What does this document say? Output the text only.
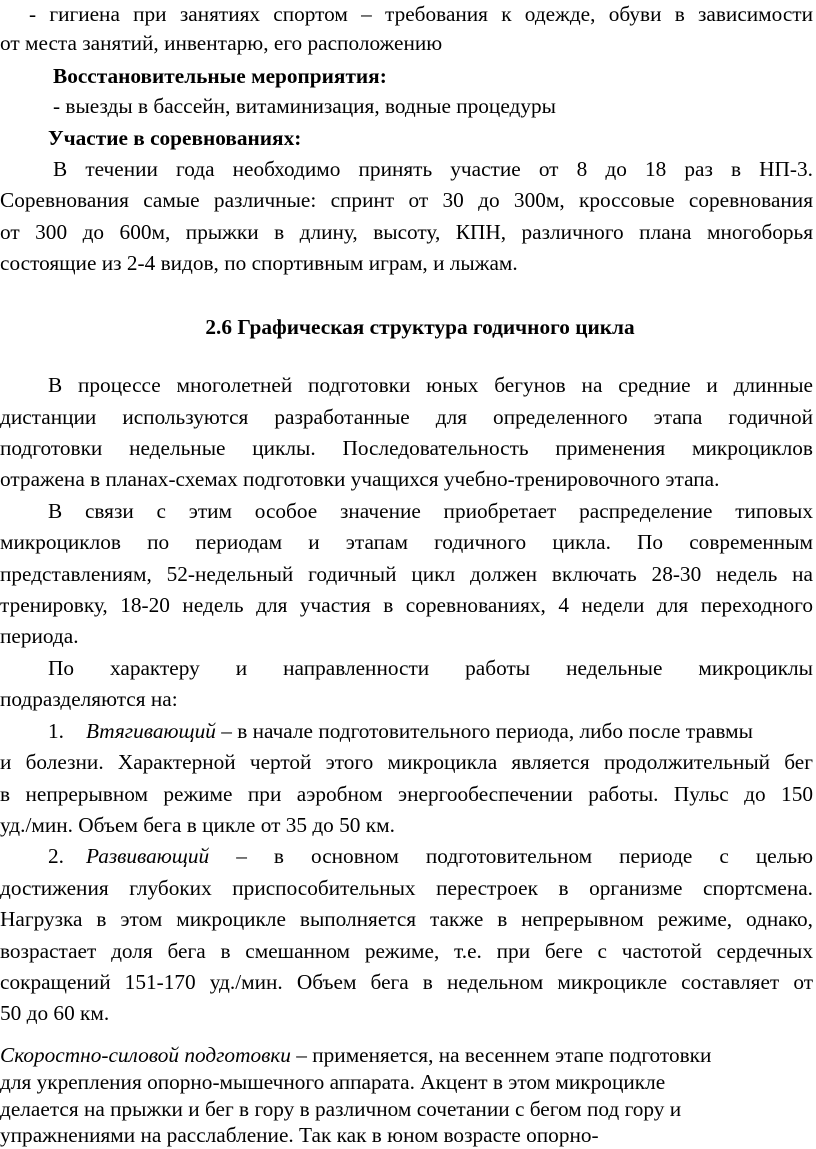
- гигиена при занятиях спортом – требования к одежде, обуви в зависимости
от места занятий, инвентарю, его расположению
Восстановительные мероприятия:
- выезды в бассейн, витаминизация, водные процедуры
Участие в соревнованиях:
В течении года необходимо принять участие от 8 до 18 раз в НП-3.
Соревнования самые различные: спринт от 30 до 300м, кроссовые соревнования
от 300 до 600м, прыжки в длину, высоту, КПН, различного плана многоборья
состоящие из 2-4 видов, по спортивным играм, и лыжам.
2.6 Графическая структура годичного цикла
В процессе многолетней подготовки юных бегунов на средние и длинные
дистанции используются разработанные для определенного этапа годичной
подготовки недельные циклы. Последовательность применения микроциклов
отражена в планах-схемах подготовки учащихся учебно-тренировочного этапа.
В связи с этим особое значение приобретает распределение типовых
микроциклов по периодам и этапам годичного цикла. По современным
представлениям, 52-недельный годичный цикл должен включать 28-30 недель на
тренировку, 18-20 недель для участия в соревнованиях, 4 недели для переходного
периода.
По характеру и направленности работы недельные микроциклы
подразделяются на:
1. Втягивающий – в начале подготовительного периода, либо после травмы
и болезни. Характерной чертой этого микроцикла является продолжительный бег
в непрерывном режиме при аэробном энергообеспечении работы. Пульс до 150
уд./мин. Объем бега в цикле от 35 до 50 км.
2. Развивающий – в основном подготовительном периоде с целью
достижения глубоких приспособительных перестроек в организме спортсмена.
Нагрузка в этом микроцикле выполняется также в непрерывном режиме, однако,
возрастает доля бега в смешанном режиме, т.е. при беге с частотой сердечных
сокращений 151-170 уд./мин. Объем бега в недельном микроцикле составляет от
50 до 60 км.
Скоростно-силовой подготовки – применяется, на весеннем этапе подготовки
для укрепления опорно-мышечного аппарата. Акцент в этом микроцикле
делается на прыжки и бег в гору в различном сочетании с бегом под гору и
упражнениями на расслабление. Так как в юном возрасте опорно-
